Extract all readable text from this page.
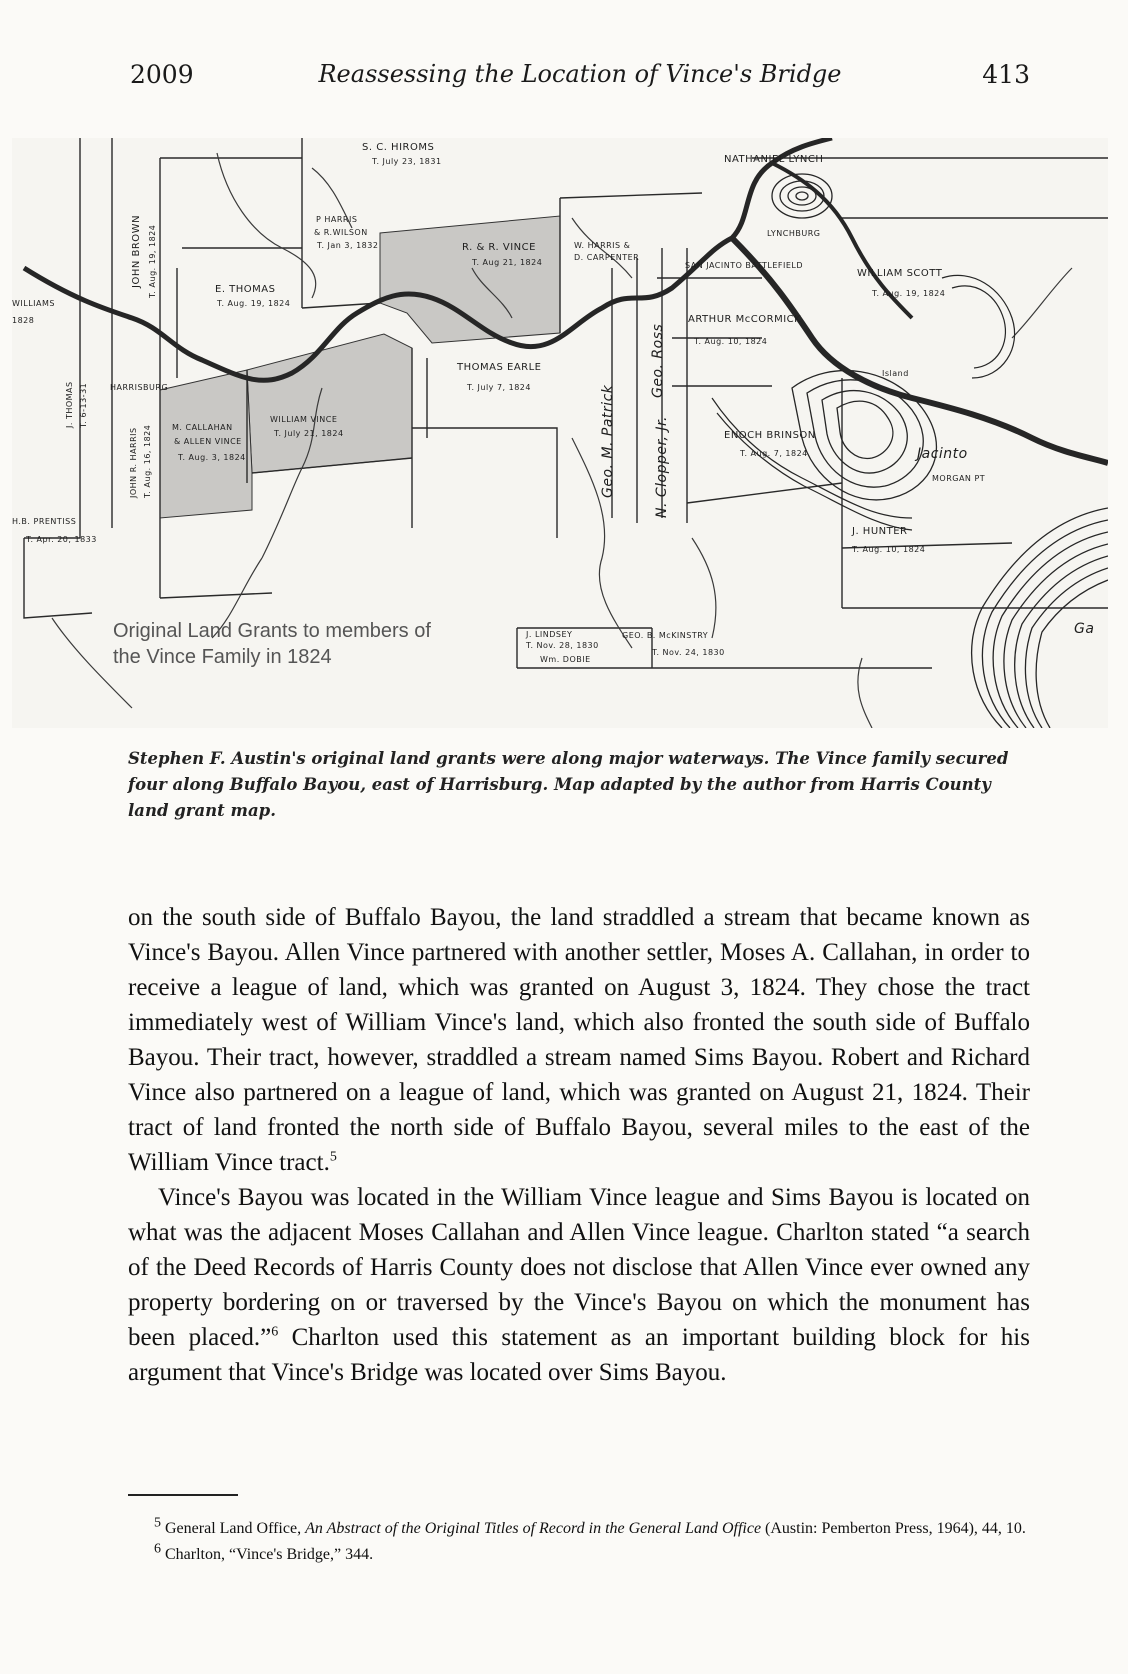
2009	Reassessing the Location of Vince's Bridge	413
NATHANIEL LYNCH
LYNCHBURG
WILLIAM SCOTT
T. Aug. 19, 1824
S. C. HIROMS
T. July 23, 1831
P HARRIS
& R.WILSON
T. Jan 3, 1832	R. & R. VINCE
T. Aug 21, 1824
W. HARRIS &
D. CARPENTER
SAN JACINTO BATTLEFIELD
ARTHUR McCORMICK
T. Aug. 10, 1824
Island
JOHN BROWN T. Aug. 19, 1824	E. THOMAS
T. Aug. 19, 1824
THOMAS EARLE
T. July 7, 1824
WILLIAMS
1828
J. THOMAS T. 6-13-31	HARRISBURG
JOHN R. HARRIS T. Aug. 16, 1824	M. CALLAHAN
& ALLEN VINCE
T. Aug. 3, 1824
WILLIAM VINCE
T. July 21, 1824	Geo. M. Patrick
Geo. Ross
N. Clopper, Jr.	ENOCH BRINSON
T. Aug. 7, 1824	Jacinto
MORGAN PT
J. HUNTER
T. Aug. 10, 1824
H.B. PRENTISS
T. Apr. 20, 1833
J. LINDSEY
T. Nov. 28, 1830
GEO. B. McKINSTRY
T. Nov. 24, 1830
Wm. DOBIE
Ga
Original Land Grants to members of
the Vince Family in 1824
Stephen F. Austin's original land grants were along major waterways. The Vince family secured four along Buffalo Bayou, east of Harrisburg. Map adapted by the author from Harris County land grant map.

on the south side of Buffalo Bayou, the land straddled a stream that became known as Vince's Bayou. Allen Vince partnered with another settler, Moses A. Callahan, in order to receive a league of land, which was granted on August 3, 1824. They chose the tract immediately west of William Vince's land, which also fronted the south side of Buffalo Bayou. Their tract, however, straddled a stream named Sims Bayou. Robert and Richard Vince also partnered on a league of land, which was granted on August 21, 1824. Their tract of land fronted the north side of Buffalo Bayou, several miles to the east of the William Vince tract.$^5$

Vince's Bayou was located in the William Vince league and Sims Bayou is located on what was the adjacent Moses Callahan and Allen Vince league. Charlton stated “a search of the Deed Records of Harris County does not disclose that Allen Vince ever owned any property bordering on or traversed by the Vince's Bayou on which the monument has been placed.”$^6$ Charlton used this statement as an important building block for his argument that Vince's Bridge was located over Sims Bayou.

$^5$ General Land Office, An Abstract of the Original Titles of Record in the General Land Office (Austin: Pemberton Press, 1964), 44, 10.

$^6$ Charlton, “Vince's Bridge,” 344.
